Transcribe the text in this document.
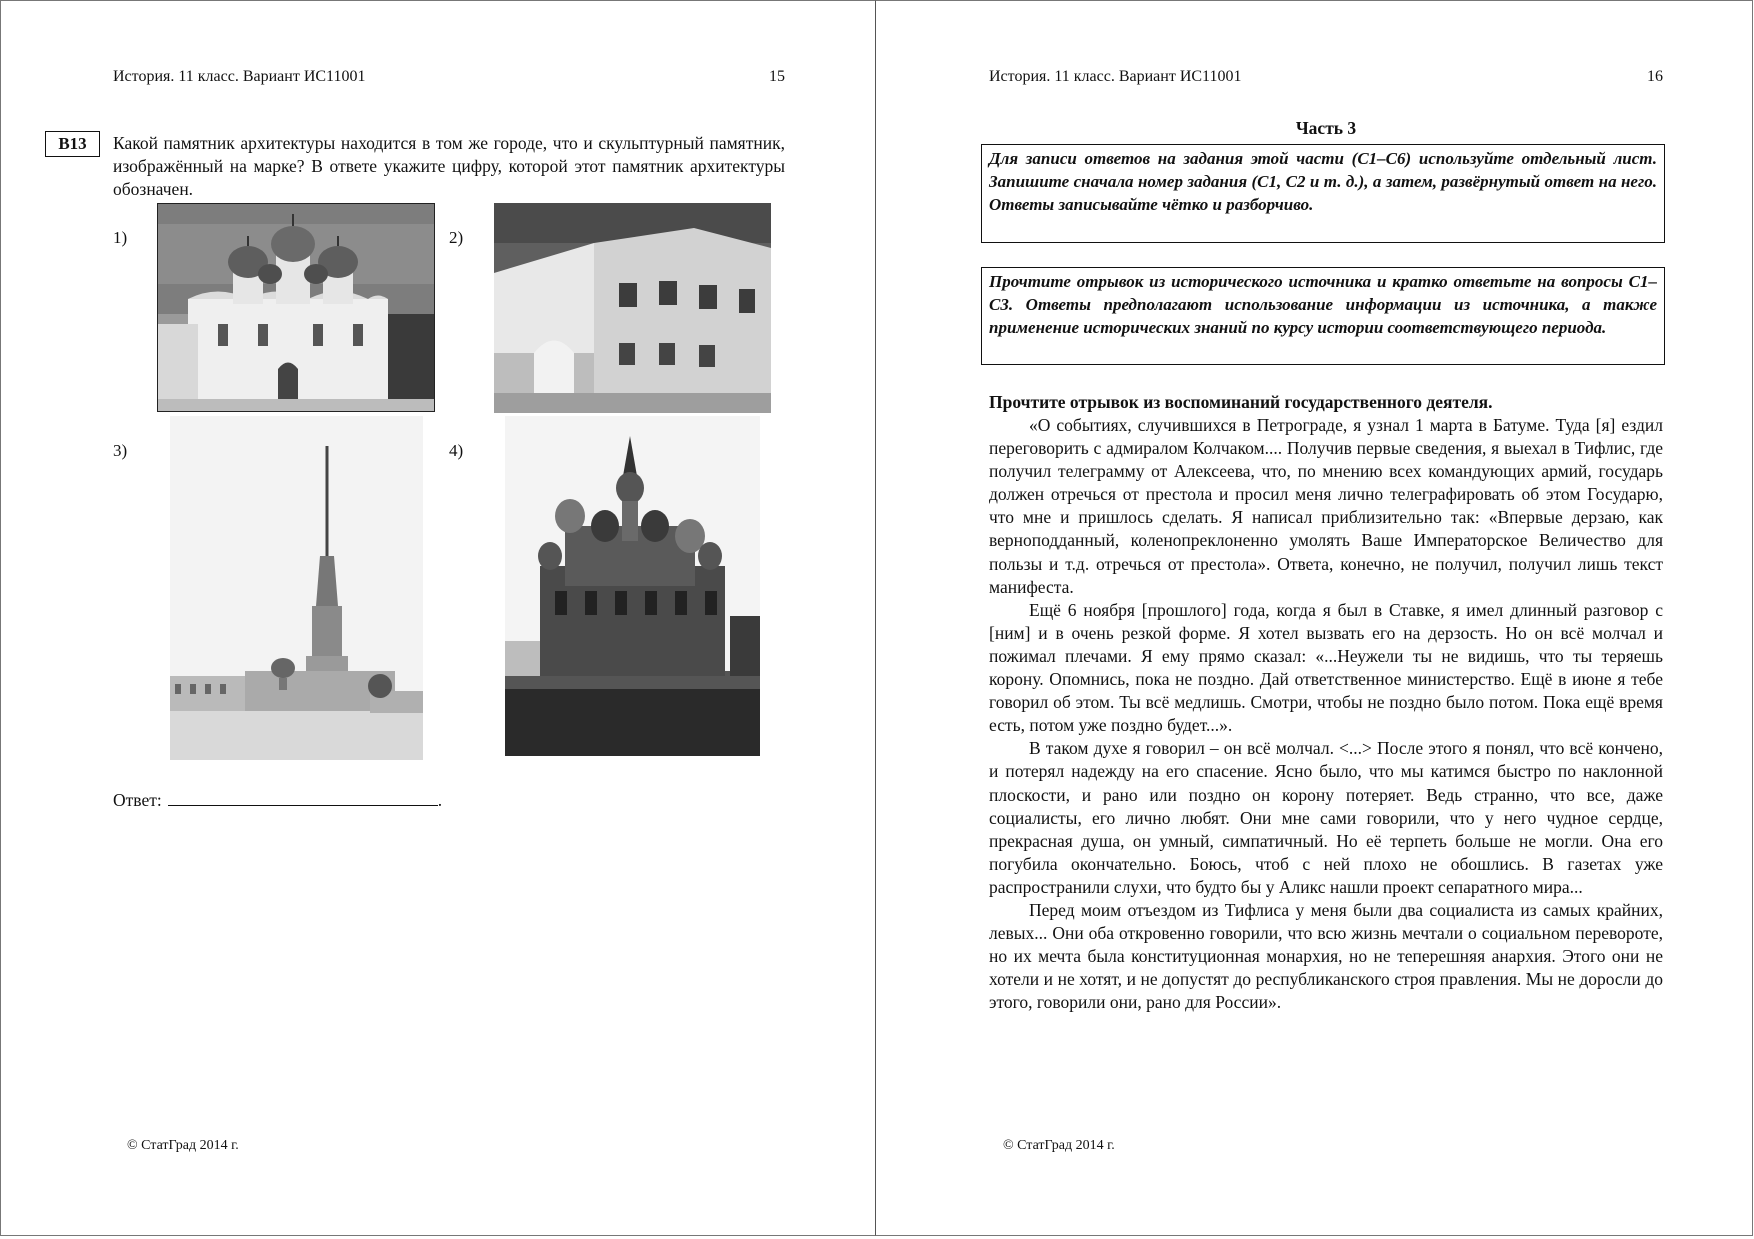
История. 11 класс. Вариант ИС11001	15
В13	Какой памятник архитектуры находится в том же городе, что и скульптурный памятник, изображённый на марке? В ответе укажите цифру, которой этот памятник архитектуры обозначен.
1)	2)
3)	4)
Ответ:	.
© СтатГрад 2014 г.
История. 11 класс. Вариант ИС11001	16
Часть 3
Для записи ответов на задания этой части (С1–С6) используйте отдельный лист. Запишите сначала номер задания (С1, С2 и т. д.), а затем, развёрнутый ответ на него. Ответы записывайте чётко и разборчиво.
Прочтите отрывок из исторического источника и кратко ответьте на вопросы С1–С3. Ответы предполагают использование информации из источника, а также применение исторических знаний по курсу истории соответствующего периода.
Прочтите отрывок из воспоминаний государственного деятеля.

«О событиях, случившихся в Петрограде, я узнал 1 марта в Батуме. Туда [я] ездил переговорить с адмиралом Колчаком.... Получив первые сведения, я выехал в Тифлис, где получил телеграмму от Алексеева, что, по мнению всех командующих армий, государь должен отречься от престола и просил меня лично телеграфировать об этом Государю, что мне и пришлось сделать. Я написал приблизительно так: «Впервые дерзаю, как верноподданный, коленопреклоненно умолять Ваше Императорское Величество для пользы и т.д. отречься от престола». Ответа, конечно, не получил, получил лишь текст манифеста.

Ещё 6 ноября [прошлого] года, когда я был в Ставке, я имел длинный разговор с [ним] и в очень резкой форме. Я хотел вызвать его на дерзость. Но он всё молчал и пожимал плечами. Я ему прямо сказал: «...Неужели ты не видишь, что ты теряешь корону. Опомнись, пока не поздно. Дай ответственное министерство. Ещё в июне я тебе говорил об этом. Ты всё медлишь. Смотри, чтобы не поздно было потом. Пока ещё время есть, потом уже поздно будет...».

В таком духе я говорил – он всё молчал. <...> После этого я понял, что всё кончено, и потерял надежду на его спасение. Ясно было, что мы катимся быстро по наклонной плоскости, и рано или поздно он корону потеряет. Ведь странно, что все, даже социалисты, его лично любят. Они мне сами говорили, что у него чудное сердце, прекрасная душа, он умный, симпатичный. Но её терпеть больше не могли. Она его погубила окончательно. Боюсь, чтоб с ней плохо не обошлись. В газетах уже распространили слухи, что будто бы у Аликс нашли проект сепаратного мира...

Перед моим отъездом из Тифлиса у меня были два социалиста из самых крайних, левых... Они оба откровенно говорили, что всю жизнь мечтали о социальном перевороте, но их мечта была конституционная монархия, но не теперешняя анархия. Этого они не хотели и не хотят, и не допустят до республиканского строя правления. Мы не доросли до этого, говорили они, рано для России».

© СтатГрад 2014 г.
